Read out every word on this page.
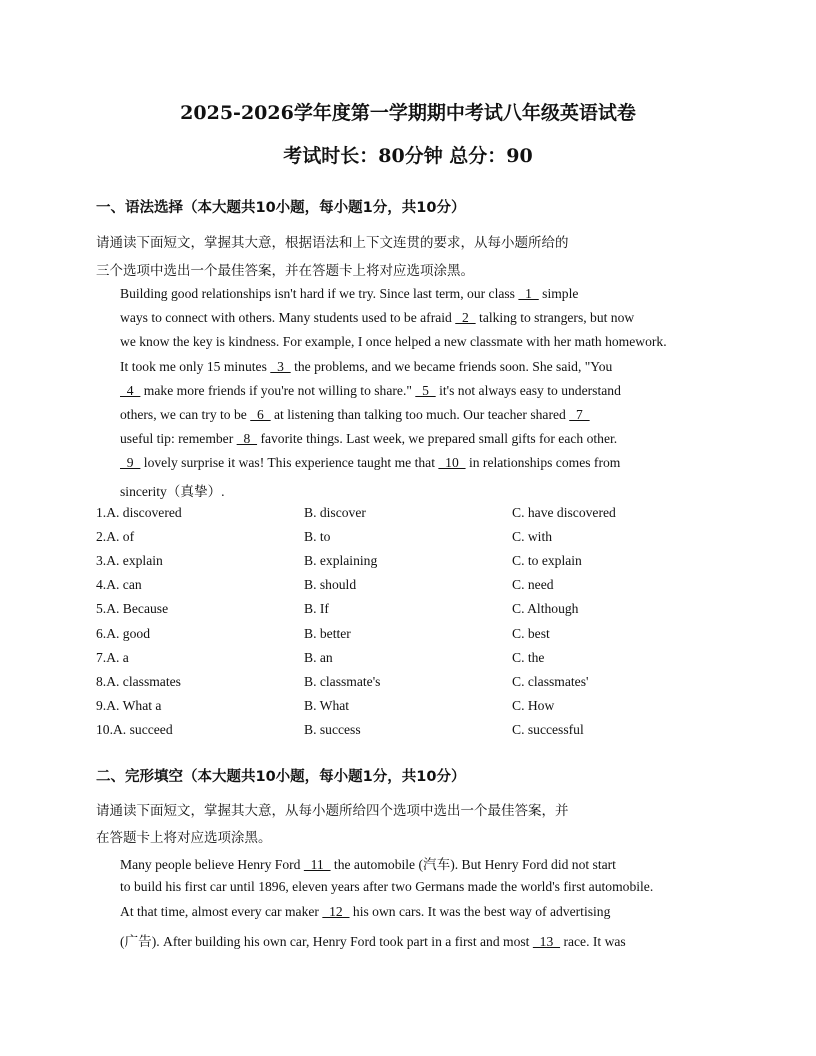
2025-2026学年度第一学期期中考试八年级英语试卷
考试时长：80分钟 总分：90
一、语法选择（本大题共10小题，每小题1分，共10分）
请通读下面短文，掌握其大意，根据语法和上下文连贯的要求，从每小题所给的
三个选项中选出一个最佳答案，并在答题卡上将对应选项涂黑。
Building good relationships isn't hard if we try. Since last term, our class   1   simple
ways to connect with others. Many students used to be afraid   2   talking to strangers, but now
we know the key is kindness. For example, I once helped a new classmate with her math homework.
It took me only 15 minutes   3   the problems, and we became friends soon. She said, "You
4   make more friends if you're not willing to share."   5   it's not always easy to understand
others, we can try to be   6   at listening than talking too much. Our teacher shared   7
useful tip: remember   8   favorite things. Last week, we prepared small gifts for each other.
9   lovely surprise it was! This experience taught me that   10   in relationships comes from
sincerity（真挚）.
1.A. discovered	B. discover	C. have discovered
2.A. of	B. to	C. with
3.A. explain	B. explaining	C. to explain
4.A. can	B. should	C. need
5.A. Because	B. If	C. Although
6.A. good	B. better	C. best
7.A. a	B. an	C. the
8.A. classmates	B. classmate's	C. classmates'
9.A. What a	B. What	C. How
10.A. succeed	B. success	C. successful
二、完形填空（本大题共10小题，每小题1分，共10分）
请通读下面短文，掌握其大意，从每小题所给四个选项中选出一个最佳答案，并
在答题卡上将对应选项涂黑。
Many people believe Henry Ford   11   the automobile (汽车). But Henry Ford did not start
to build his first car until 1896, eleven years after two Germans made the world's first automobile.
At that time, almost every car maker   12   his own cars. It was the best way of advertising
(广告). After building his own car, Henry Ford took part in a first and most   13   race. It was
